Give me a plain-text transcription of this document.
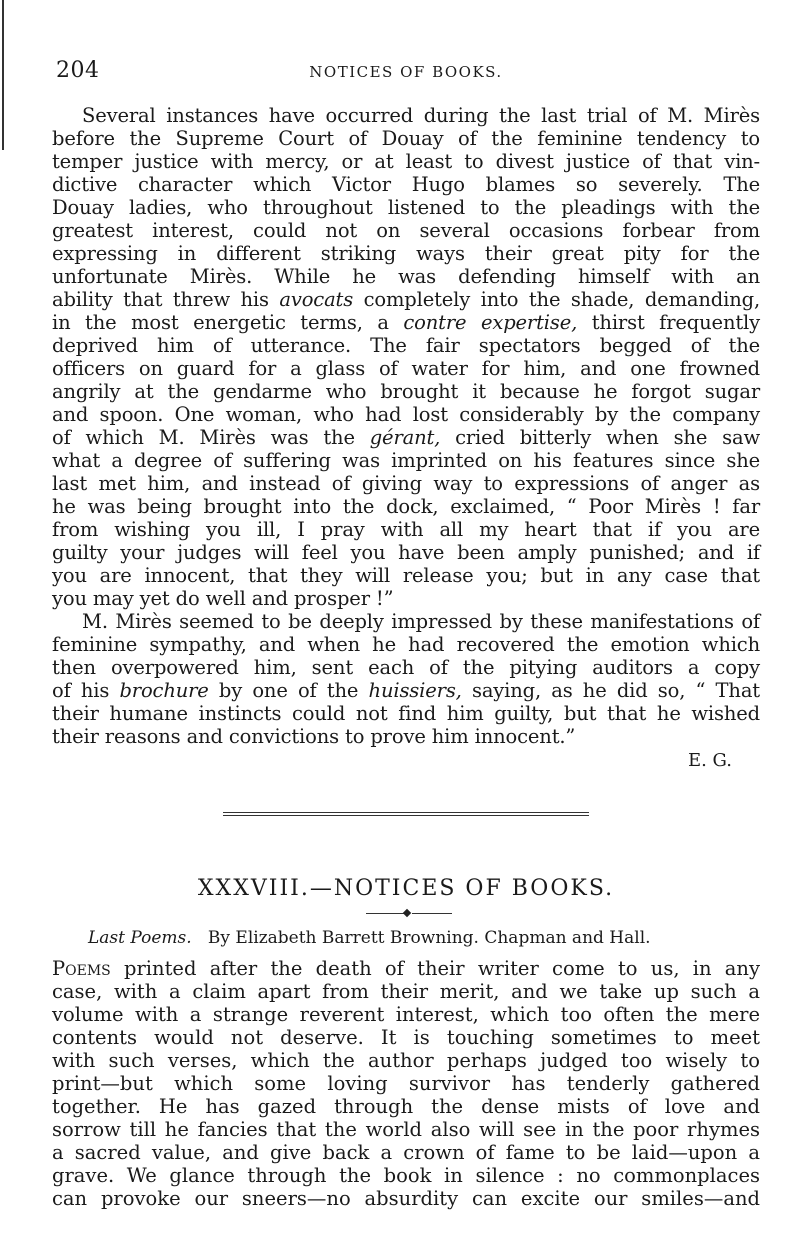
204	NOTICES OF BOOKS.
Several instances have occurred during the last trial of M. Mirès
before the Supreme Court of Douay of the feminine tendency to
temper justice with mercy, or at least to divest justice of that vin-
dictive character which Victor Hugo blames so severely. The
Douay ladies, who throughout listened to the pleadings with the
greatest interest, could not on several occasions forbear from
expressing in different striking ways their great pity for the
unfortunate Mirès. While he was defending himself with an
ability that threw his avocats completely into the shade, demanding,
in the most energetic terms, a contre expertise, thirst frequently
deprived him of utterance. The fair spectators begged of the
officers on guard for a glass of water for him, and one frowned
angrily at the gendarme who brought it because he forgot sugar
and spoon. One woman, who had lost considerably by the company
of which M. Mirès was the gérant, cried bitterly when she saw
what a degree of suffering was imprinted on his features since she
last met him, and instead of giving way to expressions of anger as
he was being brought into the dock, exclaimed, “ Poor Mirès ! far
from wishing you ill, I pray with all my heart that if you are
guilty your judges will feel you have been amply punished; and if
you are innocent, that they will release you; but in any case that
you may yet do well and prosper !”
M. Mirès seemed to be deeply impressed by these manifestations of
feminine sympathy, and when he had recovered the emotion which
then overpowered him, sent each of the pitying auditors a copy
of his brochure by one of the huissiers, saying, as he did so, “ That
their humane instincts could not find him guilty, but that he wished
their reasons and convictions to prove him innocent.”
E. G.
XXXVIII.—NOTICES OF BOOKS.
Last Poems. By Elizabeth Barrett Browning. Chapman and Hall.
Poems printed after the death of their writer come to us, in any
case, with a claim apart from their merit, and we take up such a
volume with a strange reverent interest, which too often the mere
contents would not deserve. It is touching sometimes to meet
with such verses, which the author perhaps judged too wisely to
print—but which some loving survivor has tenderly gathered
together. He has gazed through the dense mists of love and
sorrow till he fancies that the world also will see in the poor rhymes
a sacred value, and give back a crown of fame to be laid—upon a
grave. We glance through the book in silence : no commonplaces
can provoke our sneers—no absurdity can excite our smiles—and
